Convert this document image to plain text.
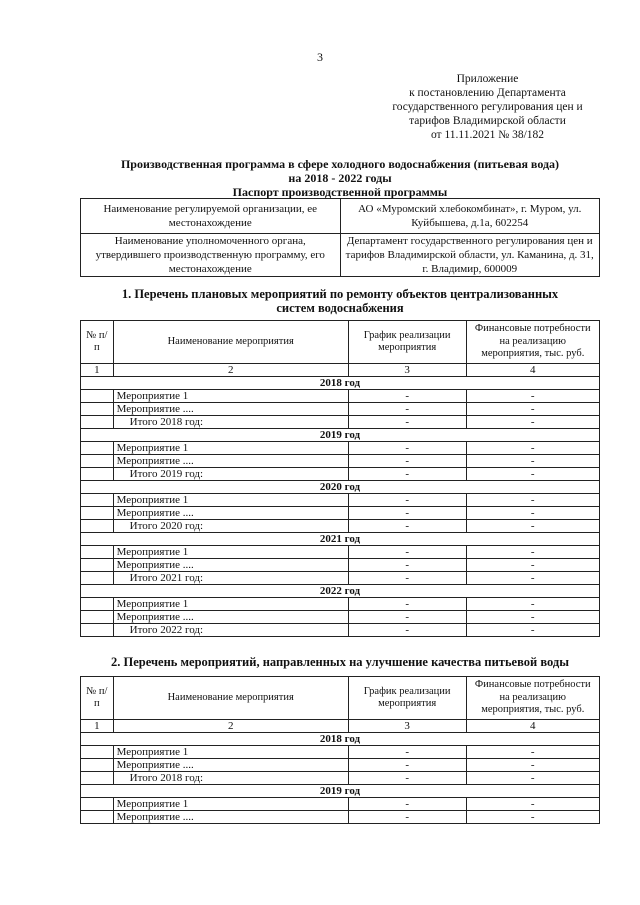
3
Приложение
к постановлению Департамента
государственного регулирования цен и
тарифов Владимирской области
от 11.11.2021 № 38/182
Производственная программа в сфере холодного водоснабжения (питьевая вода)
на 2018 - 2022 годы
Паспорт производственной программы
Наименование регулируемой организации, ее местонахождение	АО «Муромский хлебокомбинат», г. Муром, ул. Куйбышева, д.1а, 602254
Наименование уполномоченного органа, утвердившего производственную программу, его местонахождение	Департамент государственного регулирования цен и тарифов Владимирской области, ул. Каманина, д. 31, г. Владимир, 600009
1. Перечень плановых мероприятий по ремонту объектов централизованных
систем водоснабжения
№ п/п	Наименование мероприятия	График реализации мероприятия	Финансовые потребности на реализацию мероприятия, тыс. руб.
1	2	3	4
2018 год			
	Мероприятие 1	-	-
	Мероприятие ....	-	-
	Итого 2018 год:	-	-
2019 год			
	Мероприятие 1	-	-
	Мероприятие ....	-	-
	Итого 2019 год:	-	-
2020 год			
	Мероприятие 1	-	-
	Мероприятие ....	-	-
	Итого 2020 год:	-	-
2021 год			
	Мероприятие 1	-	-
	Мероприятие ....	-	-
	Итого 2021 год:	-	-
2022 год			
	Мероприятие 1	-	-
	Мероприятие ....	-	-
	Итого 2022 год:	-	-
2. Перечень мероприятий, направленных на улучшение качества питьевой воды
№ п/п	Наименование мероприятия	График реализации мероприятия	Финансовые потребности на реализацию мероприятия, тыс. руб.
1	2	3	4
2018 год			
	Мероприятие 1	-	-
	Мероприятие ....	-	-
	Итого 2018 год:	-	-
2019 год			
	Мероприятие 1	-	-
	Мероприятие ....	-	-
